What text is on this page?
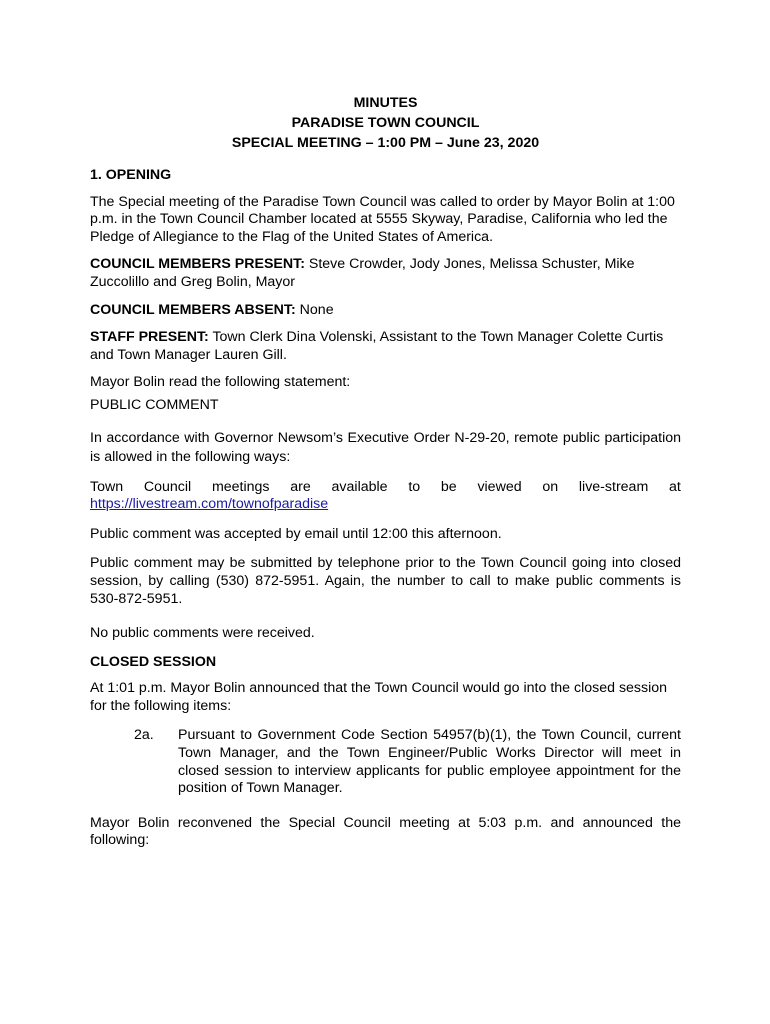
MINUTES
PARADISE TOWN COUNCIL
SPECIAL MEETING – 1:00 PM – June 23, 2020
1. OPENING

The Special meeting of the Paradise Town Council was called to order by Mayor Bolin at 1:00 p.m. in the Town Council Chamber located at 5555 Skyway, Paradise, California who led the Pledge of Allegiance to the Flag of the United States of America.

COUNCIL MEMBERS PRESENT: Steve Crowder, Jody Jones, Melissa Schuster, Mike Zuccolillo and Greg Bolin, Mayor

COUNCIL MEMBERS ABSENT: None

STAFF PRESENT: Town Clerk Dina Volenski, Assistant to the Town Manager Colette Curtis and Town Manager Lauren Gill.

Mayor Bolin read the following statement:

PUBLIC COMMENT

In accordance with Governor Newsom’s Executive Order N-29-20, remote public participation is allowed in the following ways:

Town Council meetings are available to be viewed on live-stream at
https://livestream.com/townofparadise

Public comment was accepted by email until 12:00 this afternoon.

Public comment may be submitted by telephone prior to the Town Council going into closed session, by calling (530) 872-5951. Again, the number to call to make public comments is 530-872-5951.

No public comments were received.

CLOSED SESSION

At 1:01 p.m. Mayor Bolin announced that the Town Council would go into the closed session for the following items:

2a.	Pursuant to Government Code Section 54957(b)(1), the Town Council, current Town Manager, and the Town Engineer/Public Works Director will meet in closed session to interview applicants for public employee appointment for the position of Town Manager.

Mayor Bolin reconvened the Special Council meeting at 5:03 p.m. and announced the following:
